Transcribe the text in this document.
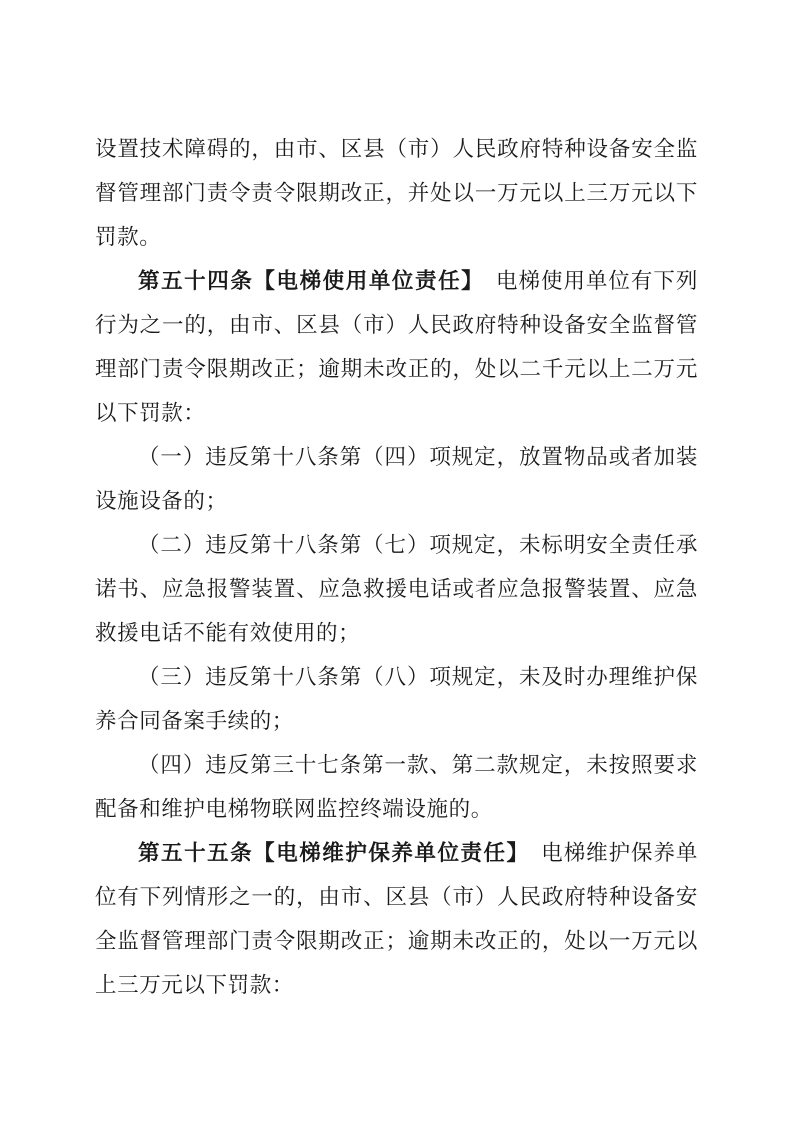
设置技术障碍的，由市、区县（市）人民政府特种设备安全监督管理部门责令责令限期改正，并处以一万元以上三万元以下罚款。

第五十四条【电梯使用单位责任】　电梯使用单位有下列行为之一的，由市、区县（市）人民政府特种设备安全监督管理部门责令限期改正；逾期未改正的，处以二千元以上二万元以下罚款：

（一）违反第十八条第（四）项规定，放置物品或者加装设施设备的；

（二）违反第十八条第（七）项规定，未标明安全责任承诺书、应急报警装置、应急救援电话或者应急报警装置、应急救援电话不能有效使用的；

（三）违反第十八条第（八）项规定，未及时办理维护保养合同备案手续的；

（四）违反第三十七条第一款、第二款规定，未按照要求配备和维护电梯物联网监控终端设施的。

第五十五条【电梯维护保养单位责任】　电梯维护保养单位有下列情形之一的，由市、区县（市）人民政府特种设备安全监督管理部门责令限期改正；逾期未改正的，处以一万元以上三万元以下罚款：
